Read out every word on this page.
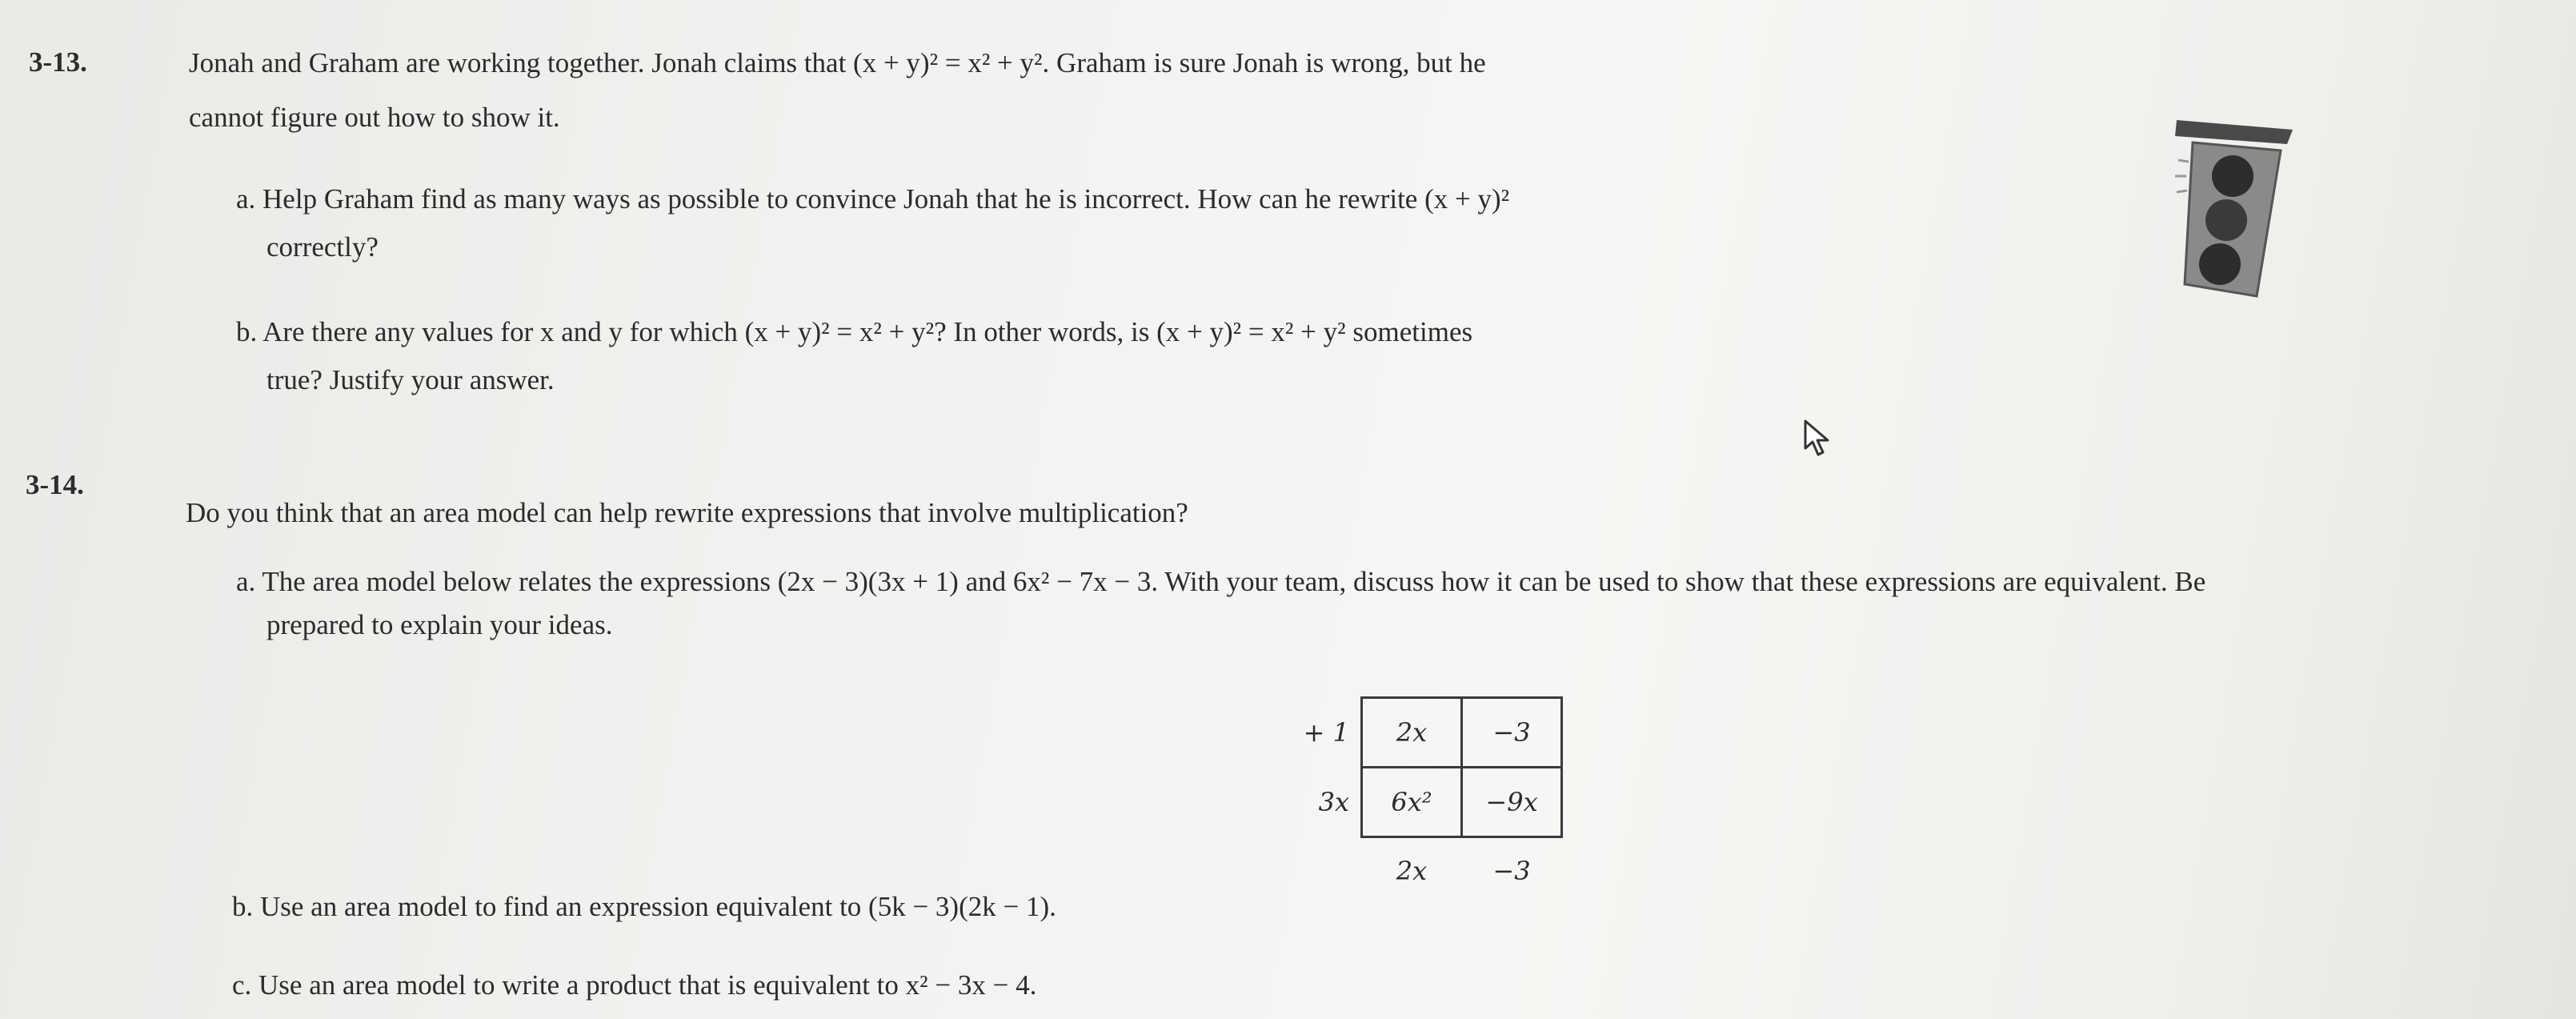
3-13.	Jonah and Graham are working together. Jonah claims that (x + y)² = x² + y². Graham is sure Jonah is wrong, but he
cannot figure out how to show it.
a. Help Graham find as many ways as possible to convince Jonah that he is incorrect. How can he rewrite (x + y)²
correctly?
b. Are there any values for x and y for which (x + y)² = x² + y²? In other words, is (x + y)² = x² + y² sometimes
true? Justify your answer.
3-14.
Do you think that an area model can help rewrite expressions that involve multiplication?
a. The area model below relates the expressions (2x − 3)(3x + 1) and 6x² − 7x − 3. With your team, discuss how it can be used to show that these expressions are equivalent. Be
prepared to explain your ideas.
+ 1	2x	−3
3x	6x²	−9x
	2x	−3
b. Use an area model to find an expression equivalent to (5k − 3)(2k − 1).
c. Use an area model to write a product that is equivalent to x² − 3x − 4.
